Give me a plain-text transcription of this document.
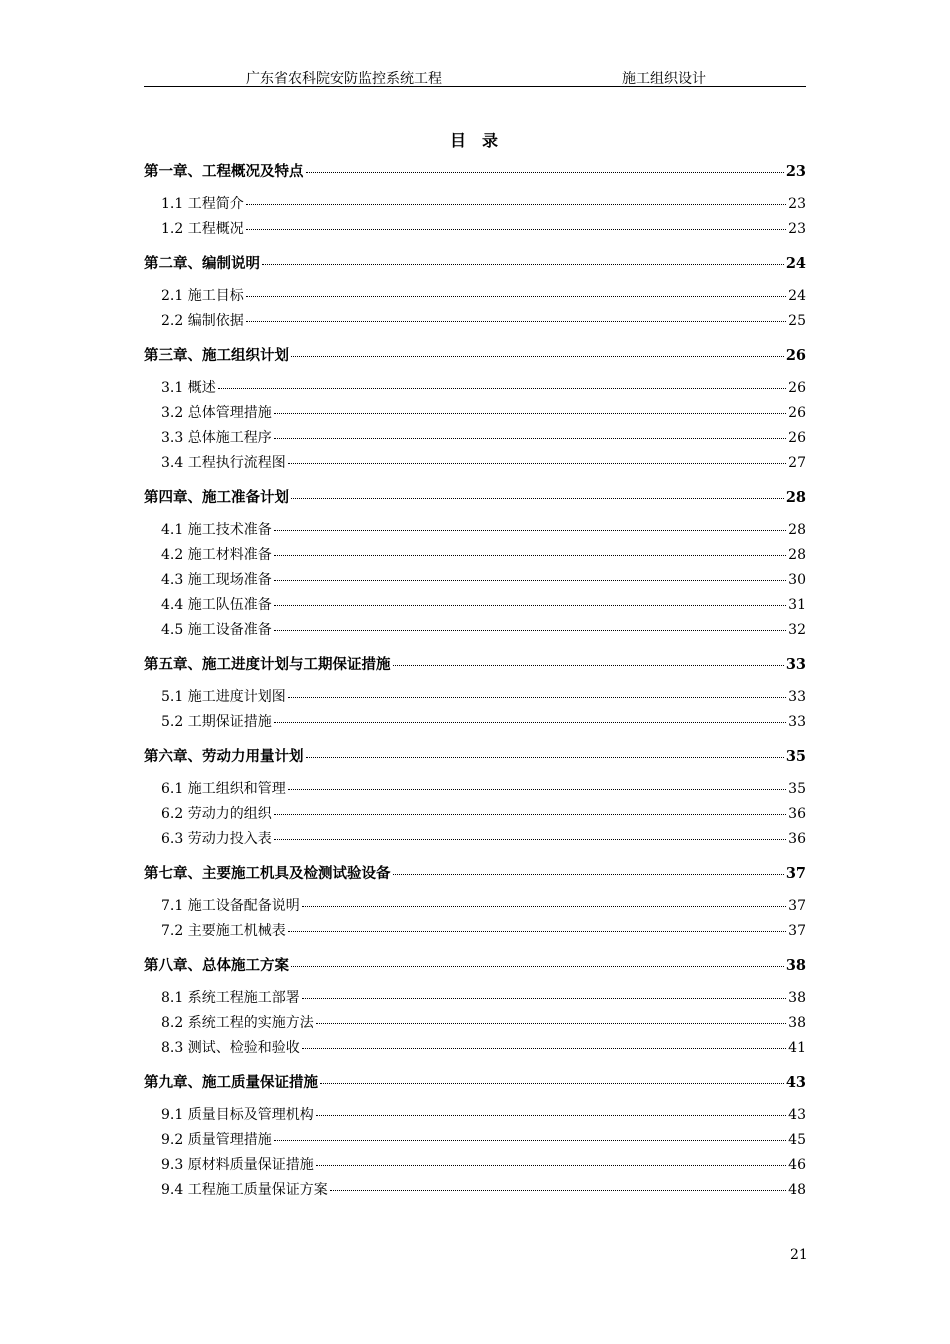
广东省农科院安防监控系统工程	施工组织设计
目 录
第一章、工程概况及特点	23
1.1 工程简介	23
1.2 工程概况	23
第二章、编制说明	24
2.1 施工目标	24
2.2 编制依据	25
第三章、施工组织计划	26
3.1 概述	26
3.2 总体管理措施	26
3.3 总体施工程序	26
3.4 工程执行流程图	27
第四章、施工准备计划	28
4.1 施工技术准备	28
4.2 施工材料准备	28
4.3 施工现场准备	30
4.4 施工队伍准备	31
4.5 施工设备准备	32
第五章、施工进度计划与工期保证措施	33
5.1 施工进度计划图	33
5.2 工期保证措施	33
第六章、劳动力用量计划	35
6.1 施工组织和管理	35
6.2 劳动力的组织	36
6.3 劳动力投入表	36
第七章、主要施工机具及检测试验设备	37
7.1 施工设备配备说明	37
7.2 主要施工机械表	37
第八章、总体施工方案	38
8.1 系统工程施工部署	38
8.2 系统工程的实施方法	38
8.3 测试、检验和验收	41
第九章、施工质量保证措施	43
9.1 质量目标及管理机构	43
9.2 质量管理措施	45
9.3 原材料质量保证措施	46
9.4 工程施工质量保证方案	48
21
